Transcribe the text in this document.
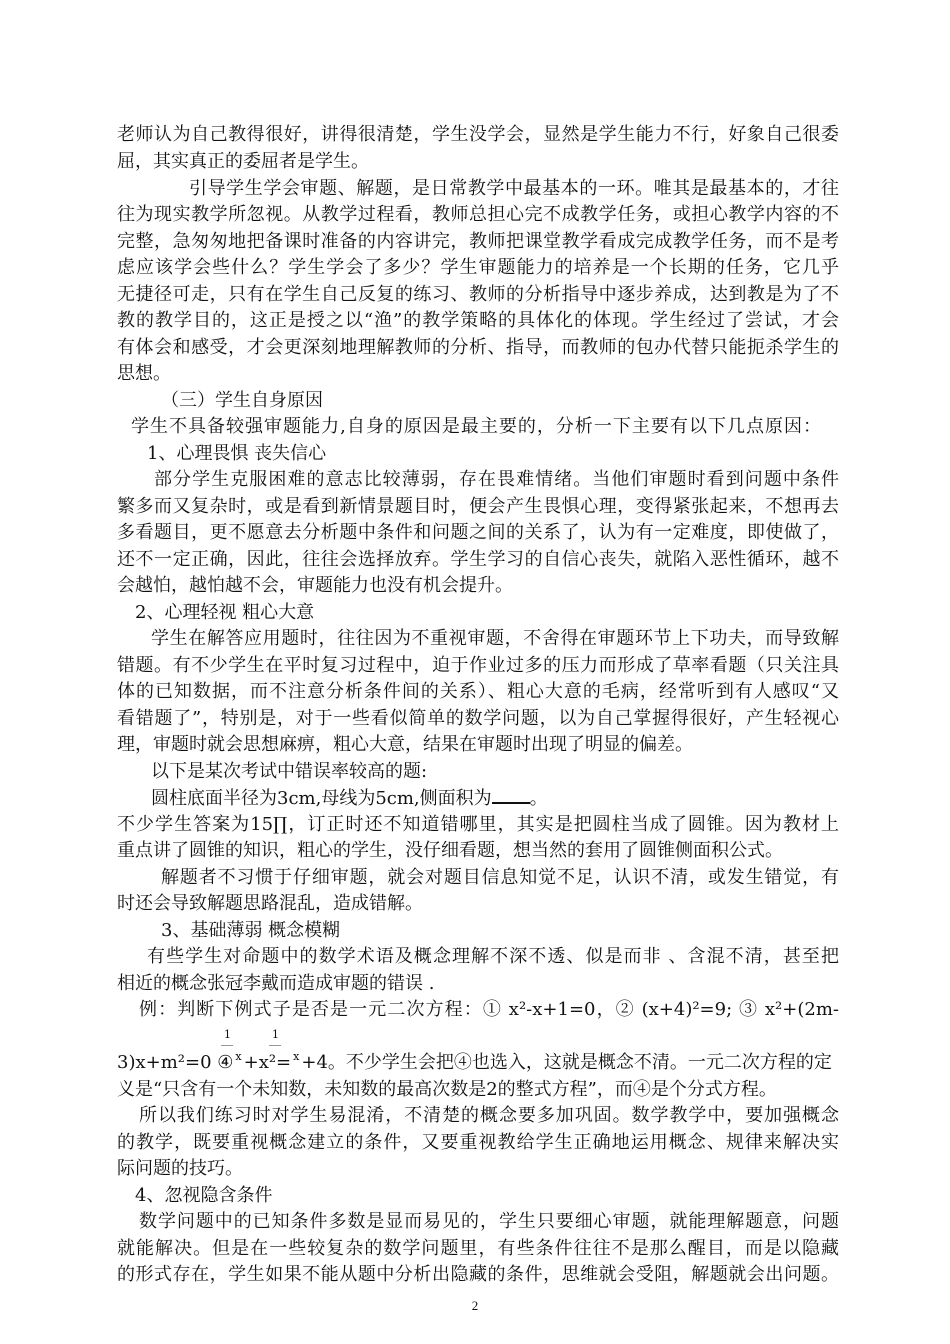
老师认为自己教得很好，讲得很清楚，学生没学会，显然是学生能力不行，好象自己很委
屈，其实真正的委屈者是学生。
引导学生学会审题、解题，是日常教学中最基本的一环。唯其是最基本的，才往
往为现实教学所忽视。从教学过程看，教师总担心完不成教学任务，或担心教学内容的不
完整，急匆匆地把备课时准备的内容讲完，教师把课堂教学看成完成教学任务，而不是考
虑应该学会些什么？学生学会了多少？学生审题能力的培养是一个长期的任务，它几乎
无捷径可走，只有在学生自己反复的练习、教师的分析指导中逐步养成，达到教是为了不
教的教学目的，这正是授之以“渔”的教学策略的具体化的体现。学生经过了尝试，才会
有体会和感受，才会更深刻地理解教师的分析、指导，而教师的包办代替只能扼杀学生的
思想。
（三）学生自身原因
学生不具备较强审题能力,自身的原因是最主要的，分析一下主要有以下几点原因：
1、心理畏惧 丧失信心
部分学生克服困难的意志比较薄弱，存在畏难情绪。当他们审题时看到问题中条件
繁多而又复杂时，或是看到新情景题目时，便会产生畏惧心理，变得紧张起来，不想再去
多看题目，更不愿意去分析题中条件和问题之间的关系了，认为有一定难度，即使做了，
还不一定正确，因此，往往会选择放弃。学生学习的自信心丧失，就陷入恶性循环，越不
会越怕，越怕越不会，审题能力也没有机会提升。
2、心理轻视 粗心大意
学生在解答应用题时，往往因为不重视审题，不舍得在审题环节上下功夫，而导致解
错题。有不少学生在平时复习过程中，迫于作业过多的压力而形成了草率看题（只关注具
体的已知数据，而不注意分析条件间的关系）、粗心大意的毛病，经常听到有人感叹“又
看错题了”，特别是，对于一些看似简单的数学问题，以为自己掌握得很好，产生轻视心
理，审题时就会思想麻痹，粗心大意，结果在审题时出现了明显的偏差。
以下是某次考试中错误率较高的题:
圆柱底面半径为3cm,母线为5cm,侧面积为 。
不少学生答案为15∏，订正时还不知道错哪里，其实是把圆柱当成了圆锥。因为教材上
重点讲了圆锥的知识，粗心的学生，没仔细看题，想当然的套用了圆锥侧面积公式。
解题者不习惯于仔细审题，就会对题目信息知觉不足，认识不清，或发生错觉，有
时还会导致解题思路混乱，造成错解。
3、基础薄弱 概念模糊
有些学生对命题中的数学术语及概念理解不深不透、似是而非 、含混不清，甚至把
相近的概念张冠李戴而造成审题的错误 .
例：判断下例式子是否是一元二次方程：① x²-x+1=0，② (x+4)²=9; ③ x²+(2m-
1	1
3)x+m²=0 ④ $^x$ +x²= $^x$ +4。不少学生会把④也选入，这就是概念不清。一元二次方程的定
义是“只含有一个未知数，未知数的最高次数是2的整式方程”，而④是个分式方程。
所以我们练习时对学生易混淆，不清楚的概念要多加巩固。数学教学中，要加强概念
的教学，既要重视概念建立的条件，又要重视教给学生正确地运用概念、规律来解决实
际问题的技巧。
4、忽视隐含条件
数学问题中的已知条件多数是显而易见的，学生只要细心审题，就能理解题意，问题
就能解决。但是在一些较复杂的数学问题里，有些条件往往不是那么醒目，而是以隐藏
的形式存在，学生如果不能从题中分析出隐藏的条件，思维就会受阻，解题就会出问题。
2
